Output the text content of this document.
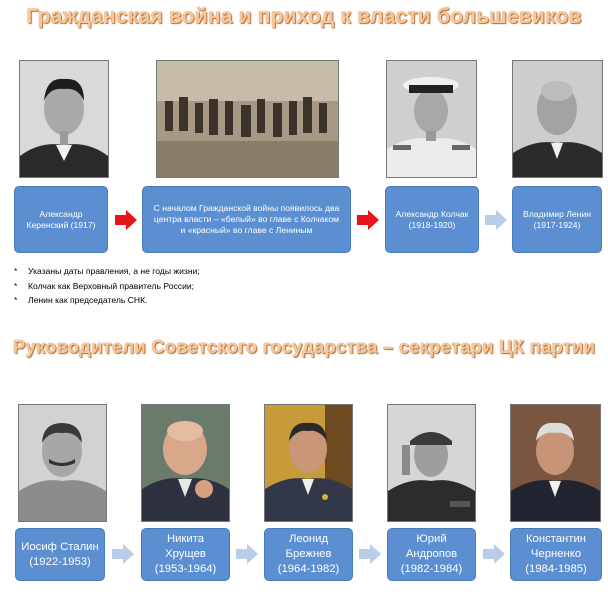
Гражданская война и приход к власти большевиков
Руководители Советского государства – секретари ЦК партии
Александр
Керенский (1917)
С началом Гражданской войны появилось два
центра власти – «белый» во главе с Колчаком
и «красный» во главе с Лениным
Александр Колчак
(1918-1920)
Владимир Ленин
(1917-1924)
* Указаны даты правления, а не годы жизни;
* Колчак как Верховный правитель России;
* Ленин как председатель СНК.
Иосиф Сталин
(1922-1953)
Никита
Хрущев
(1953-1964)
Леонид
Брежнев
(1964-1982)
Юрий
Андропов
(1982-1984)
Константин
Черненко
(1984-1985)
